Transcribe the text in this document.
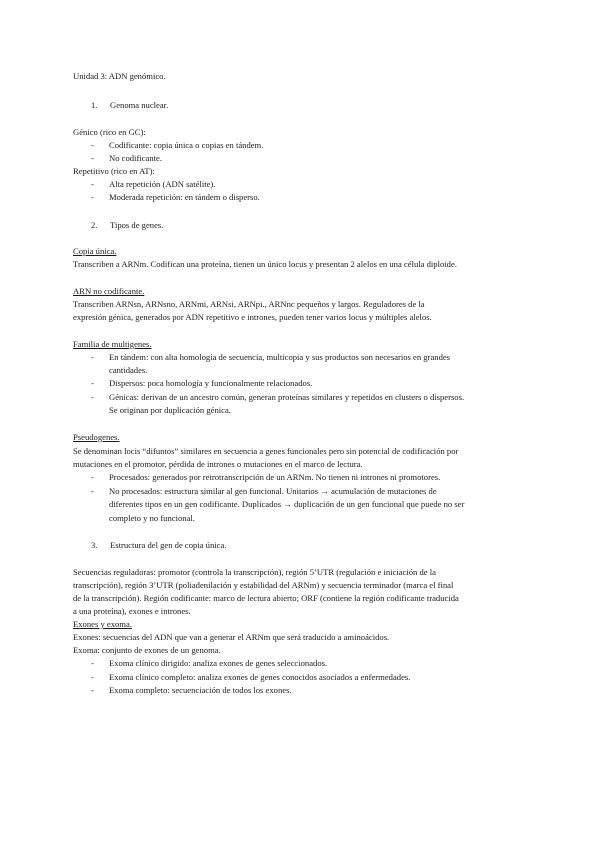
Unidad 3: ADN genómico.
1. Genoma nuclear.
Génico (rico en GC):
- Codificante: copia única o copias en tándem.
- No codificante.
Repetitivo (rico en AT):
- Alta repetición (ADN satélite).
- Moderada repetición: en tándem o disperso.
2. Tipos de genes.
Copia única.
Transcriben a ARNm. Codifican una proteína, tienen un único locus y presentan 2 alelos en una célula diploide.
ARN no codificante.
Transcriben ARNsn, ARNsno, ARNmi, ARNsi, ARNpi., ARNnc pequeños y largos. Reguladores de la
expresión génica, generados por ADN repetitivo e intrones, pueden tener varios locus y múltiples alelos.
Familia de multigenes.
- En tándem: con alta homología de secuencia, multicopia y sus productos son necesarios en grandes
cantidades.
- Dispersos: poca homología y funcionalmente relacionados.
- Génicas: derivan de un ancestro común, generan proteínas similares y repetidos en clusters o dispersos.
Se originan por duplicación génica.
Pseudogenes.
Se denominan locis “difuntos” similares en secuencia a genes funcionales pero sin potencial de codificación por
mutaciones en el promotor, pérdida de intrones o mutaciones en el marco de lectura.
- Procesados: generados por retrotranscripción de un ARNm. No tienen ni intrones ni promotores.
- No procesados: estructura similar al gen funcional. Unitarios → acumulación de mutaciones de
diferentes tipos en un gen codificante. Duplicados → duplicación de un gen funcional que puede no ser
completo y no funcional.
3. Estructura del gen de copia única.
Secuencias reguladoras: promotor (controla la transcripción), región 5’UTR (regulación e iniciación de la
transcripción), región 3’UTR (poliadenilación y estabilidad del ARNm) y secuencia terminador (marca el final
de la transcripción). Región codificante: marco de lectura abierto; ORF (contiene la región codificante traducida
a una proteína), exones e intrones.
Exones y exoma.
Exones: secuencias del ADN que van a generar el ARNm que será traducido a aminoácidos.
Exoma: conjunto de exones de un genoma.
- Exoma clínico dirigido: analiza exones de genes seleccionados.
- Exoma clínico completo: analiza exones de genes conocidos asociados a enfermedades.
- Exoma completo: secuenciación de todos los exones.
